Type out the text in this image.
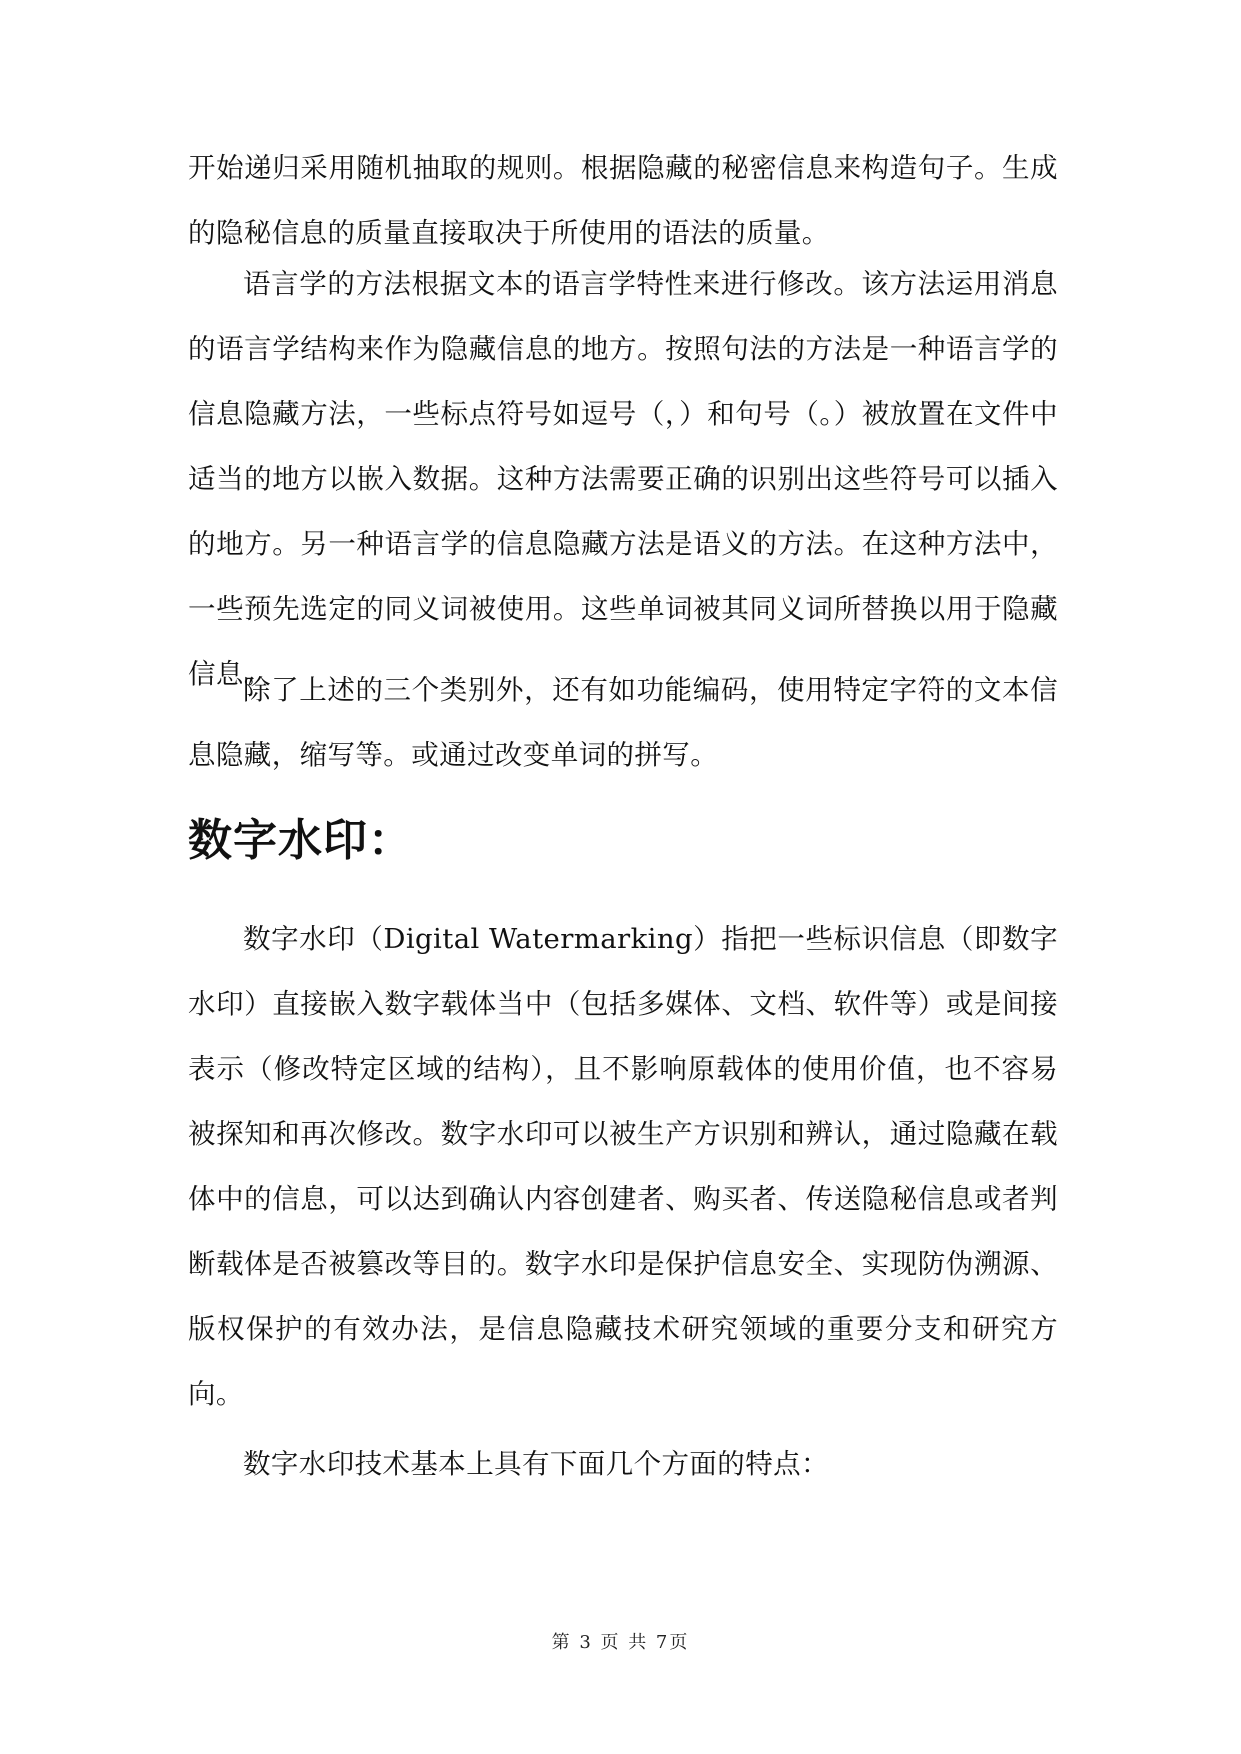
开始递归采用随机抽取的规则。根据隐藏的秘密信息来构造句子。生成的隐秘信息的质量直接取决于所使用的语法的质量。

语言学的方法根据文本的语言学特性来进行修改。该方法运用消息的语言学结构来作为隐藏信息的地方。按照句法的方法是一种语言学的信息隐藏方法，一些标点符号如逗号（，）和句号（。）被放置在文件中适当的地方以嵌入数据。这种方法需要正确的识别出这些符号可以插入的地方。另一种语言学的信息隐藏方法是语义的方法。在这种方法中，一些预先选定的同义词被使用。这些单词被其同义词所替换以用于隐藏信息。

除了上述的三个类别外，还有如功能编码，使用特定字符的文本信息隐藏，缩写等。或通过改变单词的拼写。

数字水印：

数字水印（Digital Watermarking）指把一些标识信息（即数字水印）直接嵌入数字载体当中（包括多媒体、文档、软件等）或是间接表示（修改特定区域的结构），且不影响原载体的使用价值，也不容易被探知和再次修改。数字水印可以被生产方识别和辨认，通过隐藏在载体中的信息，可以达到确认内容创建者、购买者、传送隐秘信息或者判断载体是否被篡改等目的。数字水印是保护信息安全、实现防伪溯源、版权保护的有效办法，是信息隐藏技术研究领域的重要分支和研究方向。

数字水印技术基本上具有下面几个方面的特点：

第 3 页 共 7页
